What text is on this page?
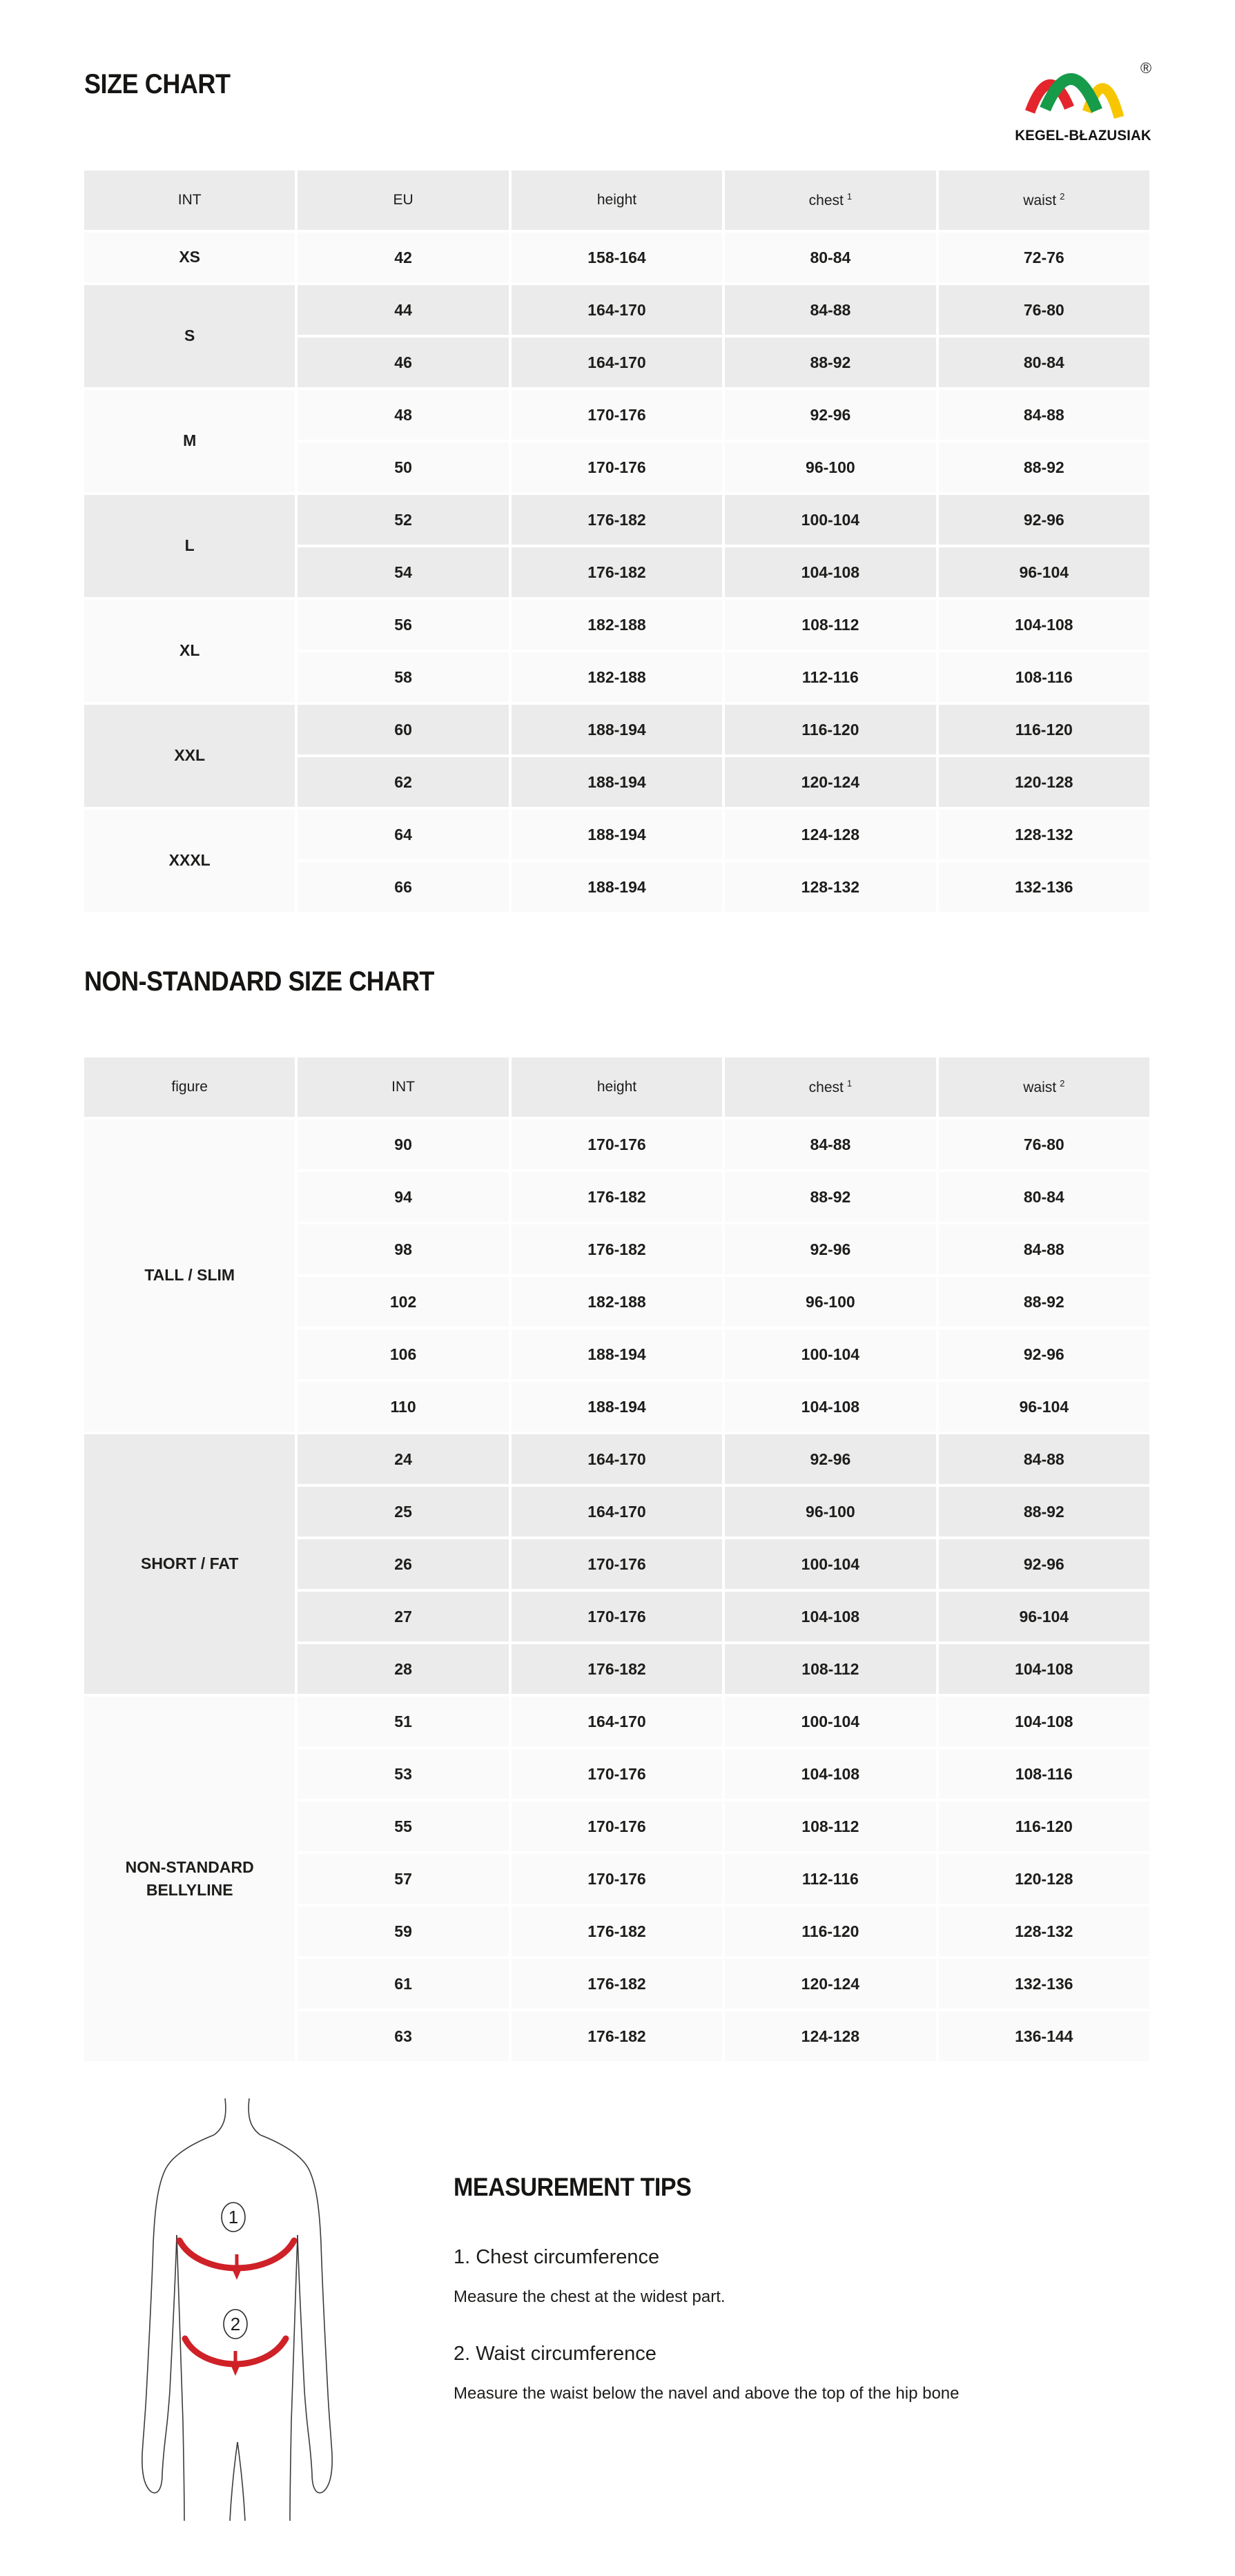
SIZE CHART
®
KEGEL-BŁAZUSIAK
INT	EU	height	chest $^1$	waist $^2$
XS	42	158-164	80-84	72-76
S	44	164-170	84-88	76-80
	46	164-170	88-92	80-84
M	48	170-176	92-96	84-88
	50	170-176	96-100	88-92
L	52	176-182	100-104	92-96
	54	176-182	104-108	96-104
XL	56	182-188	108-112	104-108
	58	182-188	112-116	108-116
XXL	60	188-194	116-120	116-120
	62	188-194	120-124	120-128
XXXL	64	188-194	124-128	128-132
	66	188-194	128-132	132-136
NON-STANDARD SIZE CHART
figure	INT	height	chest $^1$	waist $^2$
TALL / SLIM	90	170-176	84-88	76-80
	94	176-182	88-92	80-84
	98	176-182	92-96	84-88
	102	182-188	96-100	88-92
	106	188-194	100-104	92-96
	110	188-194	104-108	96-104
SHORT / FAT	24	164-170	92-96	84-88
	25	164-170	96-100	88-92
	26	170-176	100-104	92-96
	27	170-176	104-108	96-104
	28	176-182	108-112	104-108
NON-STANDARD BELLYLINE	51	164-170	100-104	104-108
	53	170-176	104-108	108-116
	55	170-176	108-112	116-120
	57	170-176	112-116	120-128
	59	176-182	116-120	128-132
	61	176-182	120-124	132-136
	63	176-182	124-128	136-144
1
2
MEASUREMENT TIPS

1. Chest circumference

Measure the chest at the widest part.

2. Waist circumference

Measure the waist below the navel and above the top of the hip bone
